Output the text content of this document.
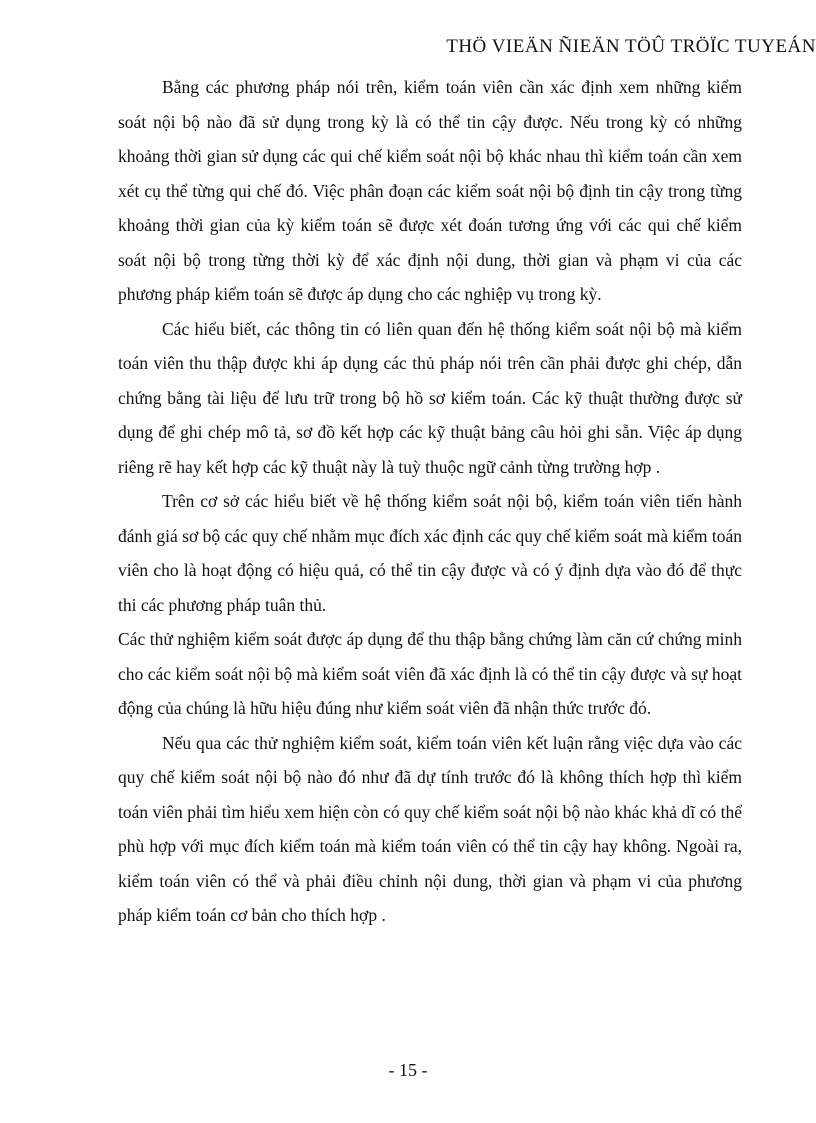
THÖ VIEÄN ÑIEÄN TÖÛ TRÖÏC TUYEÁN

Bằng các phương pháp nói trên, kiểm toán viên cần xác định xem những kiểm soát nội bộ nào đã sử dụng trong kỳ là có thể tin cậy được. Nếu trong kỳ có những khoảng thời gian sử dụng các qui chế kiểm soát nội bộ khác nhau thì kiểm toán cần xem xét cụ thể từng qui chế đó. Việc phân đoạn các kiểm soát nội bộ định tin cậy trong từng khoảng thời gian của kỳ kiểm toán sẽ được xét đoán tương ứng với các qui chế kiểm soát nội bộ trong từng thời kỳ để xác định nội dung, thời gian và phạm vi của các phương pháp kiểm toán sẽ được áp dụng cho các nghiệp vụ trong kỳ.

Các hiểu biết, các thông tin có liên quan đến hệ thống kiểm soát nội bộ mà kiểm toán viên thu thập được khi áp dụng các thủ pháp nói trên cần phải được ghi chép, dẫn chứng bằng tài liệu để lưu trữ trong bộ hồ sơ kiểm toán. Các kỹ thuật thường được sử dụng để ghi chép mô tả, sơ đồ kết hợp các kỹ thuật bảng câu hỏi ghi sẵn. Việc áp dụng riêng rẽ hay kết hợp các kỹ thuật này là tuỳ thuộc ngữ cảnh từng trường hợp .

Trên cơ sở các hiểu biết về hệ thống kiểm soát nội bộ, kiểm toán viên tiến hành đánh giá sơ bộ các quy chế nhằm mục đích xác định các quy chế kiểm soát mà kiểm toán viên cho là hoạt động có hiệu quả, có thể tin cậy được và có ý định dựa vào đó để thực thi các phương pháp tuân thủ.

Các thử nghiệm kiểm soát được áp dụng để thu thập bằng chứng làm căn cứ chứng minh cho các kiểm soát nội bộ mà kiểm soát viên đã xác định là có thể tin cậy được và sự hoạt động của chúng là hữu hiệu đúng như kiểm soát viên đã nhận thức trước đó.

Nếu qua các thử nghiệm kiểm soát, kiểm toán viên kết luận rằng việc dựa vào các quy chế kiểm soát nội bộ nào đó như đã dự tính trước đó là không thích hợp thì kiểm toán viên phải tìm hiểu xem hiện còn có quy chế kiểm soát nội bộ nào khác khả dĩ có thể phù hợp với mục đích kiểm toán mà kiểm toán viên có thể tin cậy hay không. Ngoài ra, kiểm toán viên có thể và phải điều chỉnh nội dung, thời gian và phạm vi của phương pháp kiểm toán cơ bản cho thích hợp .

- 15 -
